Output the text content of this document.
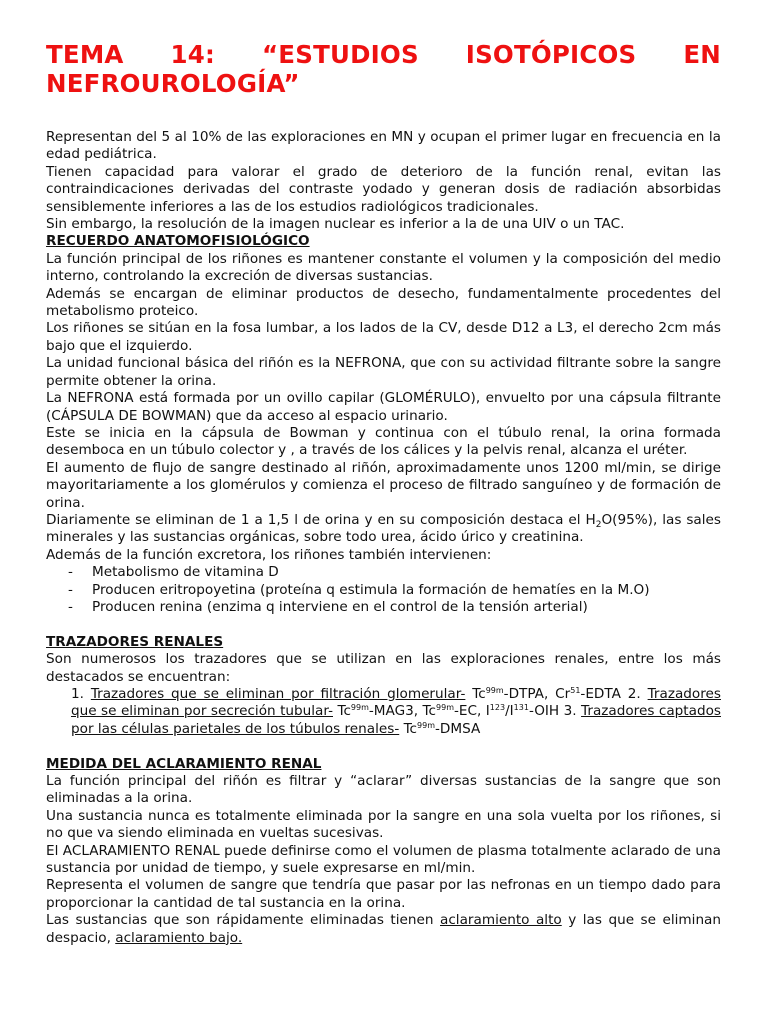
TEMA 14: “ESTUDIOS ISOTÓPICOS EN NEFROUROLOGÍA”

Representan del 5 al 10% de las exploraciones en MN y ocupan el primer lugar en frecuencia en la edad pediátrica.

Tienen capacidad para valorar el grado de deterioro de la función renal, evitan las contraindicaciones derivadas del contraste yodado y generan dosis de radiación absorbidas sensiblemente inferiores a las de los estudios radiológicos tradicionales.

Sin embargo, la resolución de la imagen nuclear es inferior a la de una UIV o un TAC.

RECUERDO ANATOMOFISIOLÓGICO

La función principal de los riñones es mantener constante el volumen y la composición del medio interno, controlando la excreción de diversas sustancias.

Además se encargan de eliminar productos de desecho, fundamentalmente procedentes del metabolismo proteico.

Los riñones se sitúan en la fosa lumbar, a los lados de la CV, desde D12 a L3, el derecho 2cm más bajo que el izquierdo.

La unidad funcional básica del riñón es la NEFRONA, que con su actividad filtrante sobre la sangre permite obtener la orina.

La NEFRONA está formada por un ovillo capilar (GLOMÉRULO), envuelto por una cápsula filtrante (CÁPSULA DE BOWMAN) que da acceso al espacio urinario.

Este se inicia en la cápsula de Bowman y continua con el túbulo renal, la orina formada desemboca en un túbulo colector y , a través de los cálices y la pelvis renal, alcanza el uréter.

El aumento de flujo de sangre destinado al riñón, aproximadamente unos 1200 ml/min, se dirige mayoritariamente a los glomérulos y comienza el proceso de filtrado sanguíneo y de formación de orina.

Diariamente se eliminan de 1 a 1,5 l de orina y en su composición destaca el $H_2O(95\%)$, las sales minerales y las sustancias orgánicas, sobre todo urea, ácido úrico y creatinina.

Además de la función excretora, los riñones también intervienen:

- Metabolismo de vitamina D
- Producen eritropoyetina (proteína q estimula la formación de hematíes en la M.O)
- Producen renina (enzima q interviene en el control de la tensión arterial)

TRAZADORES RENALES

Son numerosos los trazadores que se utilizan en las exploraciones renales, entre los más destacados se encuentran:

1. Trazadores que se eliminan por filtración glomerular- $Tc^{99m}$-DTPA, Cr$^{51}$-EDTA 2. Trazadores que se eliminan por secreción tubular- $Tc^{99m}-MAG3$, $Tc^{99m}-EC$, $I^{123}/I^{131}$-OIH 3. Trazadores captados por las células parietales de los túbulos renales- $Tc^{99m}$-DMSA

MEDIDA DEL ACLARAMIENTO RENAL

La función principal del riñón es filtrar y “aclarar” diversas sustancias de la sangre que son eliminadas a la orina.

Una sustancia nunca es totalmente eliminada por la sangre en una sola vuelta por los riñones, si no que va siendo eliminada en vueltas sucesivas.

El ACLARAMIENTO RENAL puede definirse como el volumen de plasma totalmente aclarado de una sustancia por unidad de tiempo, y suele expresarse en ml/min.

Representa el volumen de sangre que tendría que pasar por las nefronas en un tiempo dado para proporcionar la cantidad de tal sustancia en la orina.

Las sustancias que son rápidamente eliminadas tienen aclaramiento alto y las que se eliminan despacio, aclaramiento bajo.
